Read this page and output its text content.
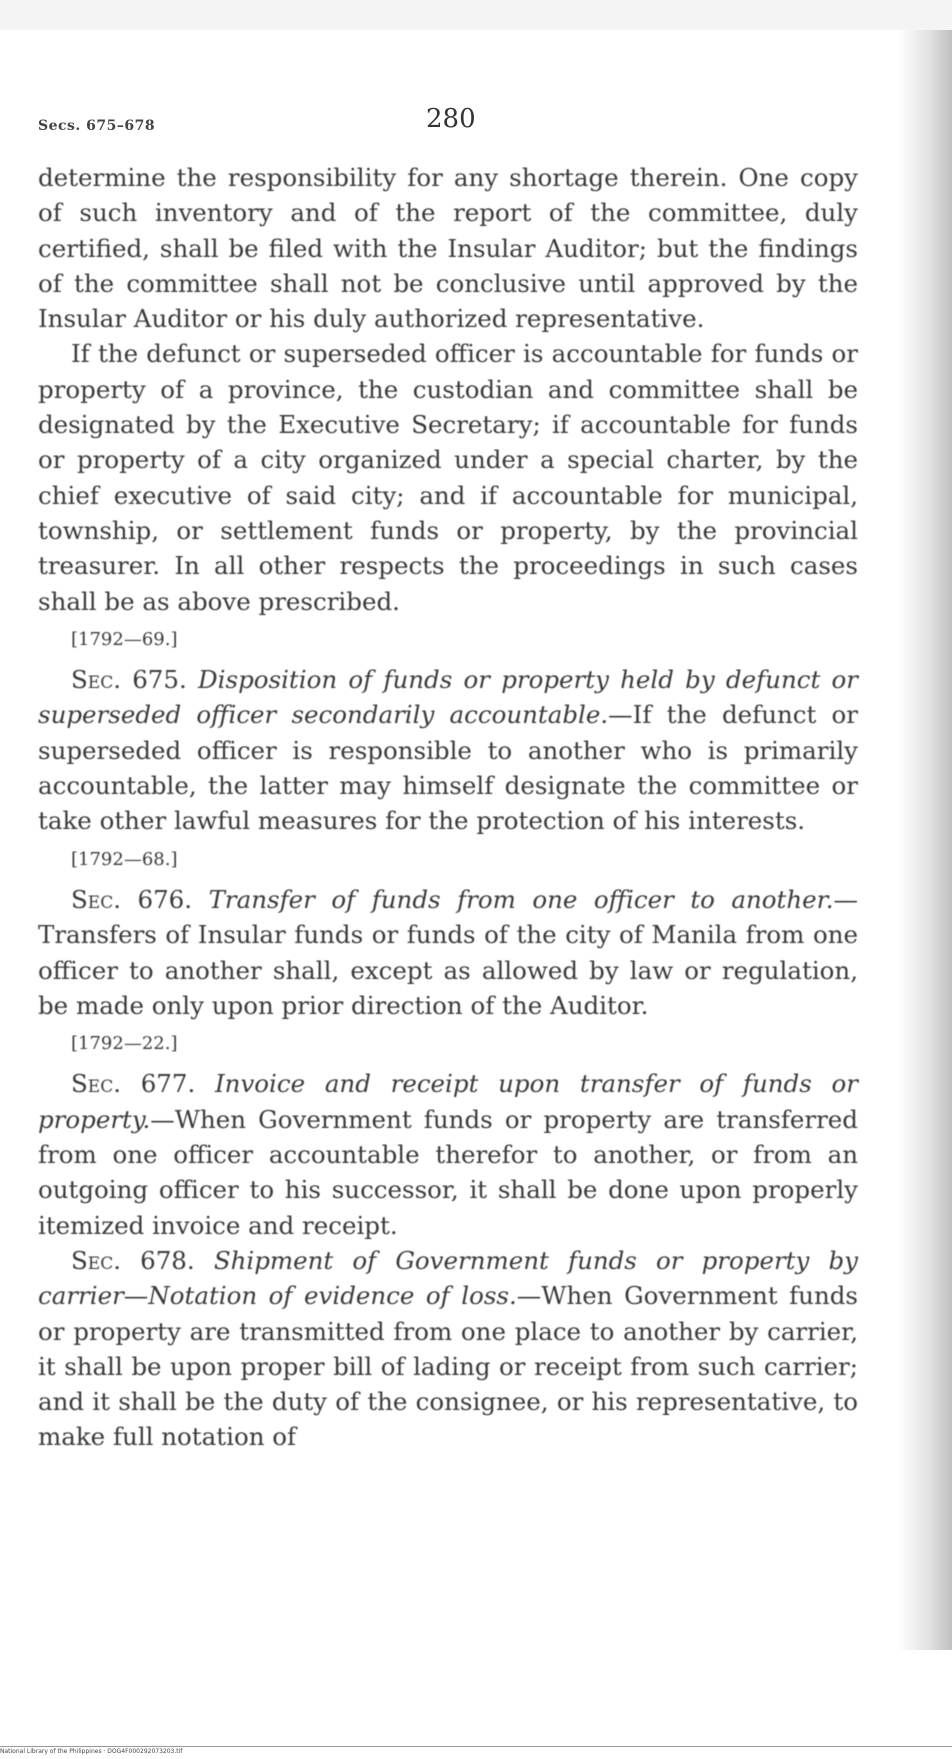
Secs. 675–678	280

determine the responsibility for any shortage therein. One copy of such inventory and of the report of the committee, duly certified, shall be filed with the Insular Auditor; but the findings of the committee shall not be conclusive until approved by the Insular Auditor or his duly authorized representative.

If the defunct or superseded officer is accountable for funds or property of a province, the custodian and committee shall be designated by the Executive Secretary; if accountable for funds or property of a city organized under a special charter, by the chief executive of said city; and if accountable for municipal, township, or settlement funds or property, by the provincial treasurer. In all other respects the proceedings in such cases shall be as above prescribed.

[1792—69.]

Sec. 675. Disposition of funds or property held by defunct or superseded officer secondarily accountable.—If the defunct or superseded officer is responsible to another who is primarily accountable, the latter may himself designate the committee or take other lawful measures for the protection of his interests.

[1792—68.]

Sec. 676. Transfer of funds from one officer to another.—Transfers of Insular funds or funds of the city of Manila from one officer to another shall, except as allowed by law or regulation, be made only upon prior direction of the Auditor.

[1792—22.]

Sec. 677. Invoice and receipt upon transfer of funds or property.—When Government funds or property are transferred from one officer accountable therefor to another, or from an outgoing officer to his successor, it shall be done upon properly itemized invoice and receipt.

Sec. 678. Shipment of Government funds or property by carrier—Notation of evidence of loss.—When Government funds or property are transmitted from one place to another by carrier, it shall be upon proper bill of lading or receipt from such carrier; and it shall be the duty of the consignee, or his representative, to make full notation of

National Library of the Philippines · DOG4F000292073203.tif
